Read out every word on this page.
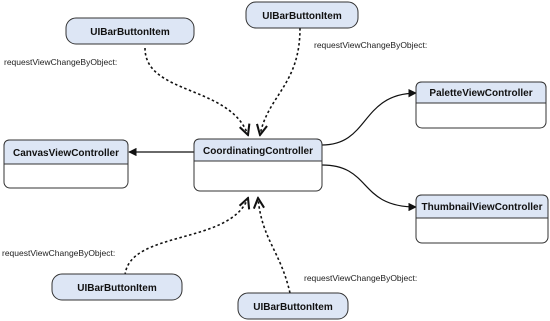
requestViewChangeByObject:
requestViewChangeByObject:
requestViewChangeByObject:
requestViewChangeByObject:
CoordinatingController
CanvasViewController
PaletteViewController
ThumbnailViewController
UIBarButtonItem
UIBarButtonItem
UIBarButtonItem
UIBarButtonItem
